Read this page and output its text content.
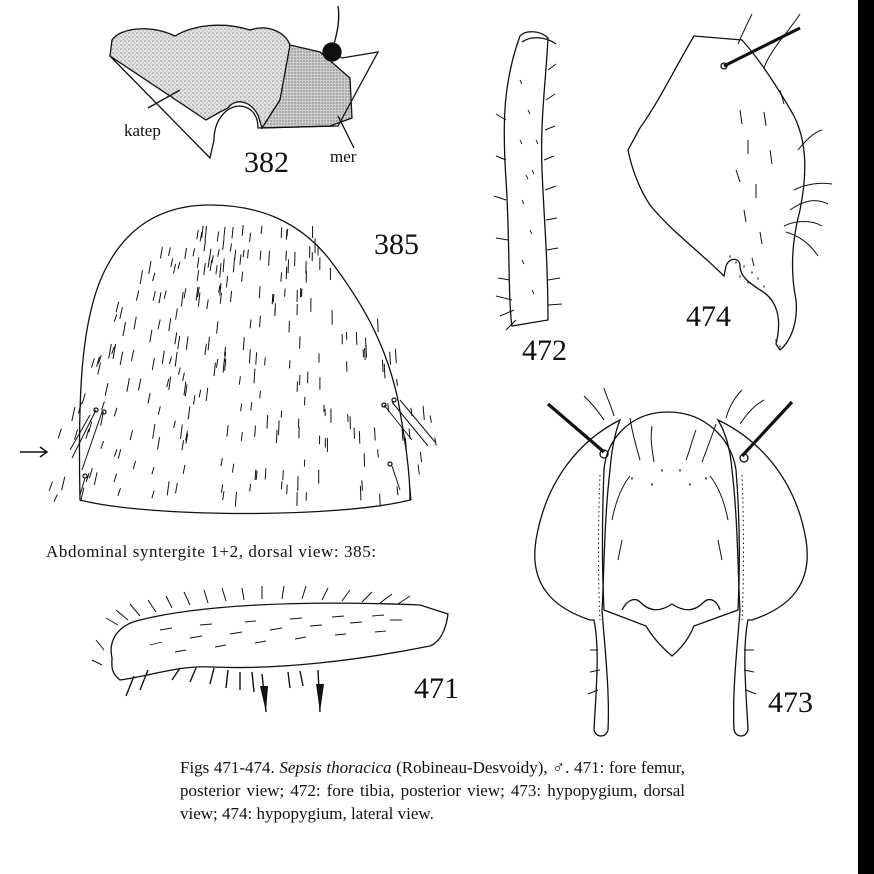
382
katep
mer
385
471
472
473
474
Abdominal syntergite 1+2, dorsal view: 385:
Figs 471-474. Sepsis thoracica (Robineau-Desvoidy), ♂. 471: fore femur, posterior view; 472: fore tibia, posterior view; 473: hypopygium, dorsal view; 474: hypopygium, lateral view.
